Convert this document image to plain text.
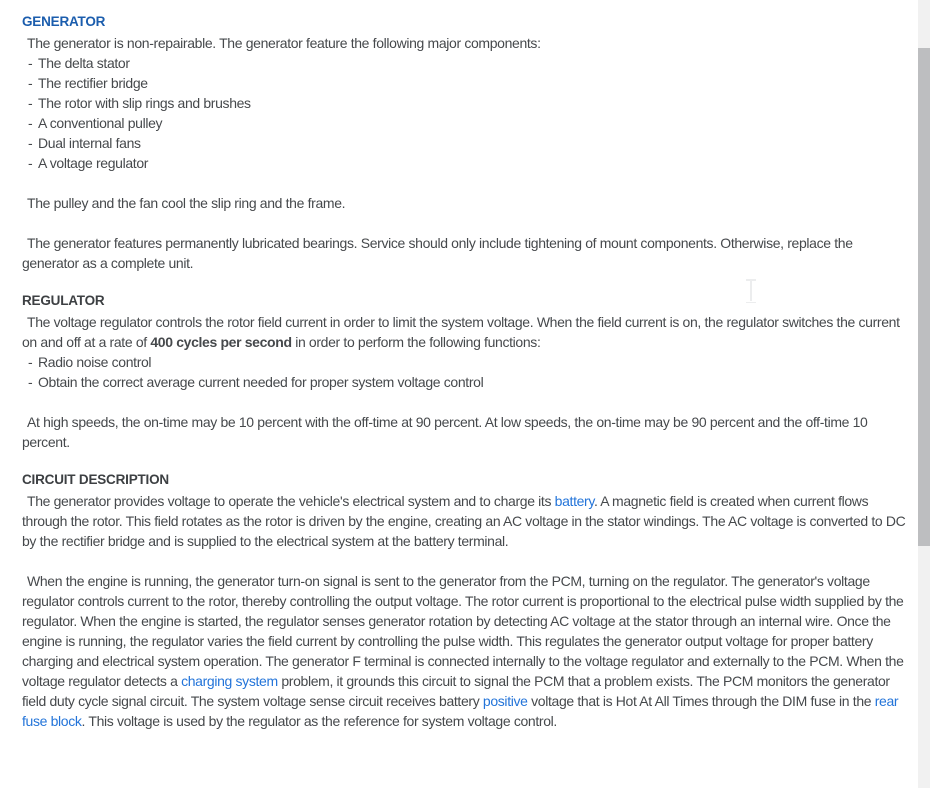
GENERATOR

The generator is non-repairable. The generator feature the following major components:

- The delta stator
- The rectifier bridge
- The rotor with slip rings and brushes
- A conventional pulley
- Dual internal fans
- A voltage regulator

The pulley and the fan cool the slip ring and the frame.

The generator features permanently lubricated bearings. Service should only include tightening of mount components. Otherwise, replace the generator as a complete unit.

REGULATOR

The voltage regulator controls the rotor field current in order to limit the system voltage. When the field current is on, the regulator switches the current on and off at a rate of 400 cycles per second in order to perform the following functions:

- Radio noise control
- Obtain the correct average current needed for proper system voltage control

At high speeds, the on-time may be 10 percent with the off-time at 90 percent. At low speeds, the on-time may be 90 percent and the off-time 10 percent.

CIRCUIT DESCRIPTION

The generator provides voltage to operate the vehicle's electrical system and to charge its battery. A magnetic field is created when current flows through the rotor. This field rotates as the rotor is driven by the engine, creating an AC voltage in the stator windings. The AC voltage is converted to DC by the rectifier bridge and is supplied to the electrical system at the battery terminal.

When the engine is running, the generator turn-on signal is sent to the generator from the PCM, turning on the regulator. The generator's voltage regulator controls current to the rotor, thereby controlling the output voltage. The rotor current is proportional to the electrical pulse width supplied by the regulator. When the engine is started, the regulator senses generator rotation by detecting AC voltage at the stator through an internal wire. Once the engine is running, the regulator varies the field current by controlling the pulse width. This regulates the generator output voltage for proper battery charging and electrical system operation. The generator F terminal is connected internally to the voltage regulator and externally to the PCM. When the voltage regulator detects a charging system problem, it grounds this circuit to signal the PCM that a problem exists. The PCM monitors the generator field duty cycle signal circuit. The system voltage sense circuit receives battery positive voltage that is Hot At All Times through the DIM fuse in the rear fuse block. This voltage is used by the regulator as the reference for system voltage control.
